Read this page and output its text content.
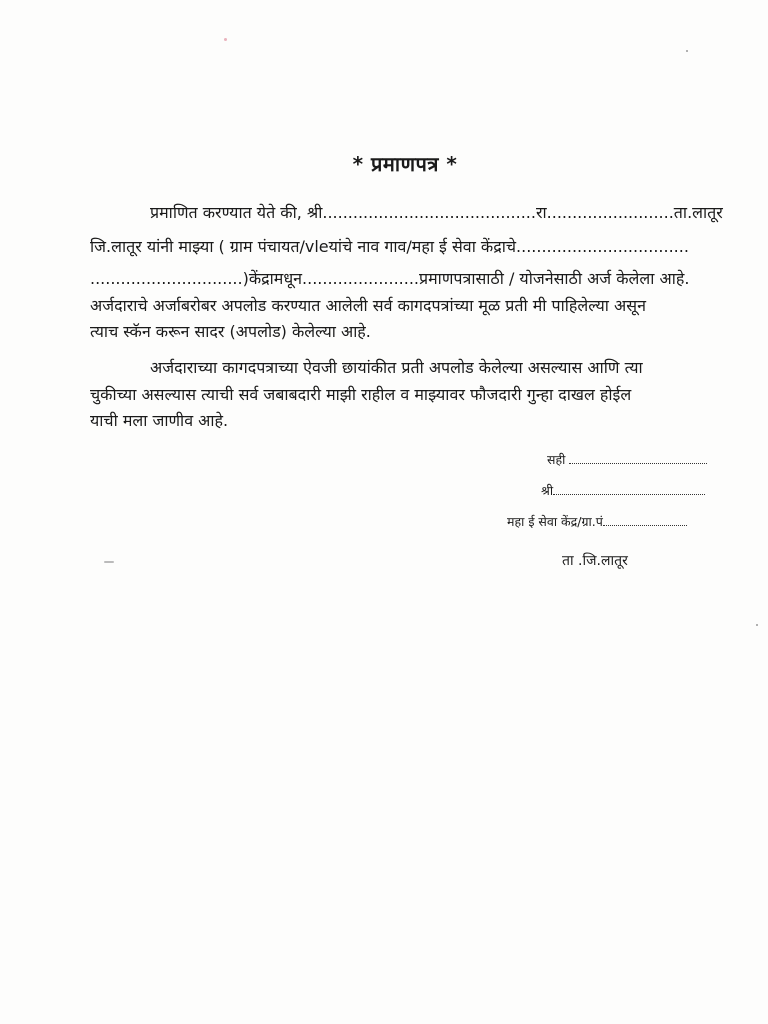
* प्रमाणपत्र *
प्रमाणित करण्यात येते की, श्री..........................................रा.........................ता.लातूर
जि.लातूर यांनी माझ्या ( ग्राम पंचायत/vleयांचे नाव गाव/महा ई सेवा केंद्राचे..................................
..............................)केंद्रामधून.......................प्रमाणपत्रासाठी / योजनेसाठी अर्ज केलेला आहे.
अर्जदाराचे अर्जाबरोबर अपलोड करण्यात आलेली सर्व कागदपत्रांच्या मूळ प्रती मी पाहिलेल्या असून
त्याच स्कॅन करून सादर (अपलोड) केलेल्या आहे.
अर्जदाराच्या कागदपत्राच्या ऐवजी छायांकीत प्रती अपलोड केलेल्या असल्यास आणि त्या
चुकीच्या असल्यास त्याची सर्व जबाबदारी माझी राहील व माझ्यावर फौजदारी गुन्हा दाखल होईल
याची मला जाणीव आहे.
सही
श्री
महा ई सेवा केंद्र/ग्रा.पं
ता .जि.लातूर
